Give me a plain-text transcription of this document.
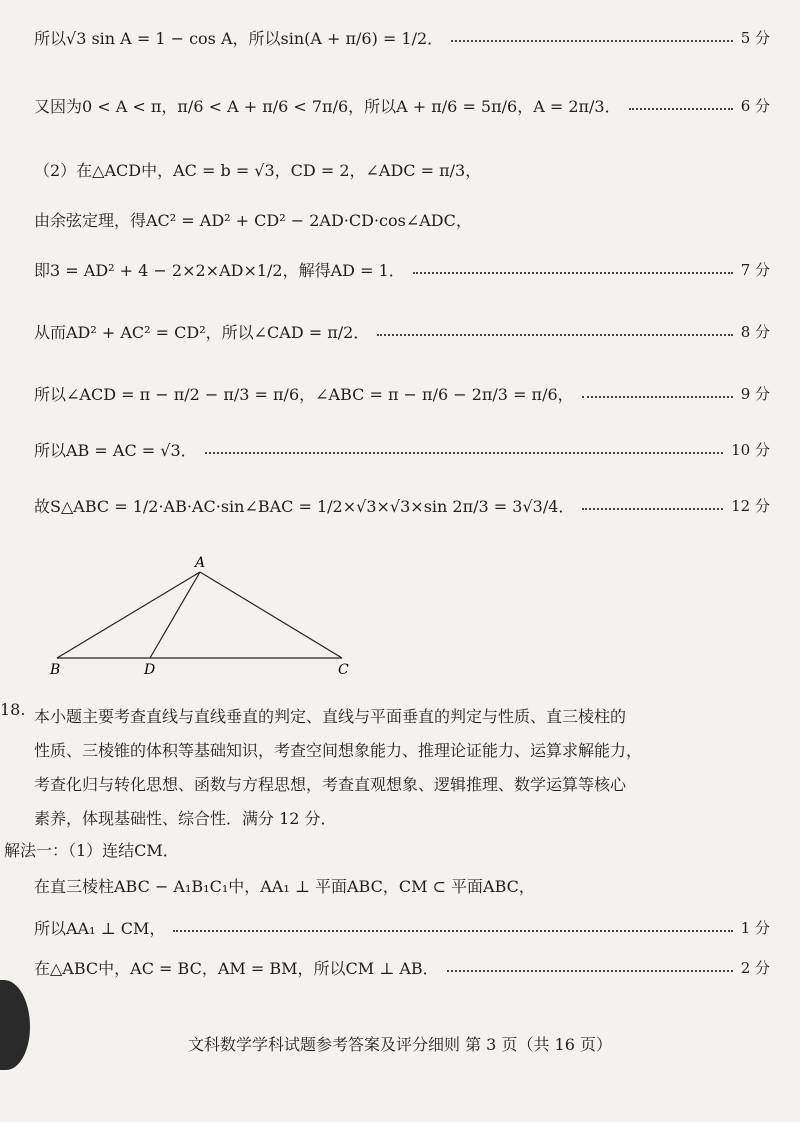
所以√3 sin A = 1 − cos A，所以sin(A + π/6) = 1/2．	5 分
又因为0 < A < π，π/6 < A + π/6 < 7π/6，所以A + π/6 = 5π/6，A = 2π/3．	6 分
（2）在△ACD中，AC = b = √3，CD = 2，∠ADC = π/3，
由余弦定理，得AC² = AD² + CD² − 2AD·CD·cos∠ADC，
即3 = AD² + 4 − 2×2×AD×1/2，解得AD = 1．	7 分
从而AD² + AC² = CD²，所以∠CAD = π/2．	8 分
所以∠ACD = π − π/2 − π/3 = π/6，∠ABC = π − π/6 − 2π/3 = π/6，	9 分
所以AB = AC = √3．	10 分
故S△ABC = 1/2·AB·AC·sin∠BAC = 1/2×√3×√3×sin 2π/3 = 3√3/4．	12 分
A
B	D	C
18. 本小题主要考查直线与直线垂直的判定、直线与平面垂直的判定与性质、直三棱柱的
性质、三棱锥的体积等基础知识，考查空间想象能力、推理论证能力、运算求解能力，
考查化归与转化思想、函数与方程思想，考查直观想象、逻辑推理、数学运算等核心
素养，体现基础性、综合性．满分 12 分．
解法一：（1）连结CM．
在直三棱柱ABC − A₁B₁C₁中，AA₁ ⊥ 平面ABC，CM ⊂ 平面ABC，
所以AA₁ ⊥ CM，	1 分
在△ABC中，AC = BC，AM = BM，所以CM ⊥ AB．	2 分
文科数学学科试题参考答案及评分细则 第 3 页（共 16 页）
